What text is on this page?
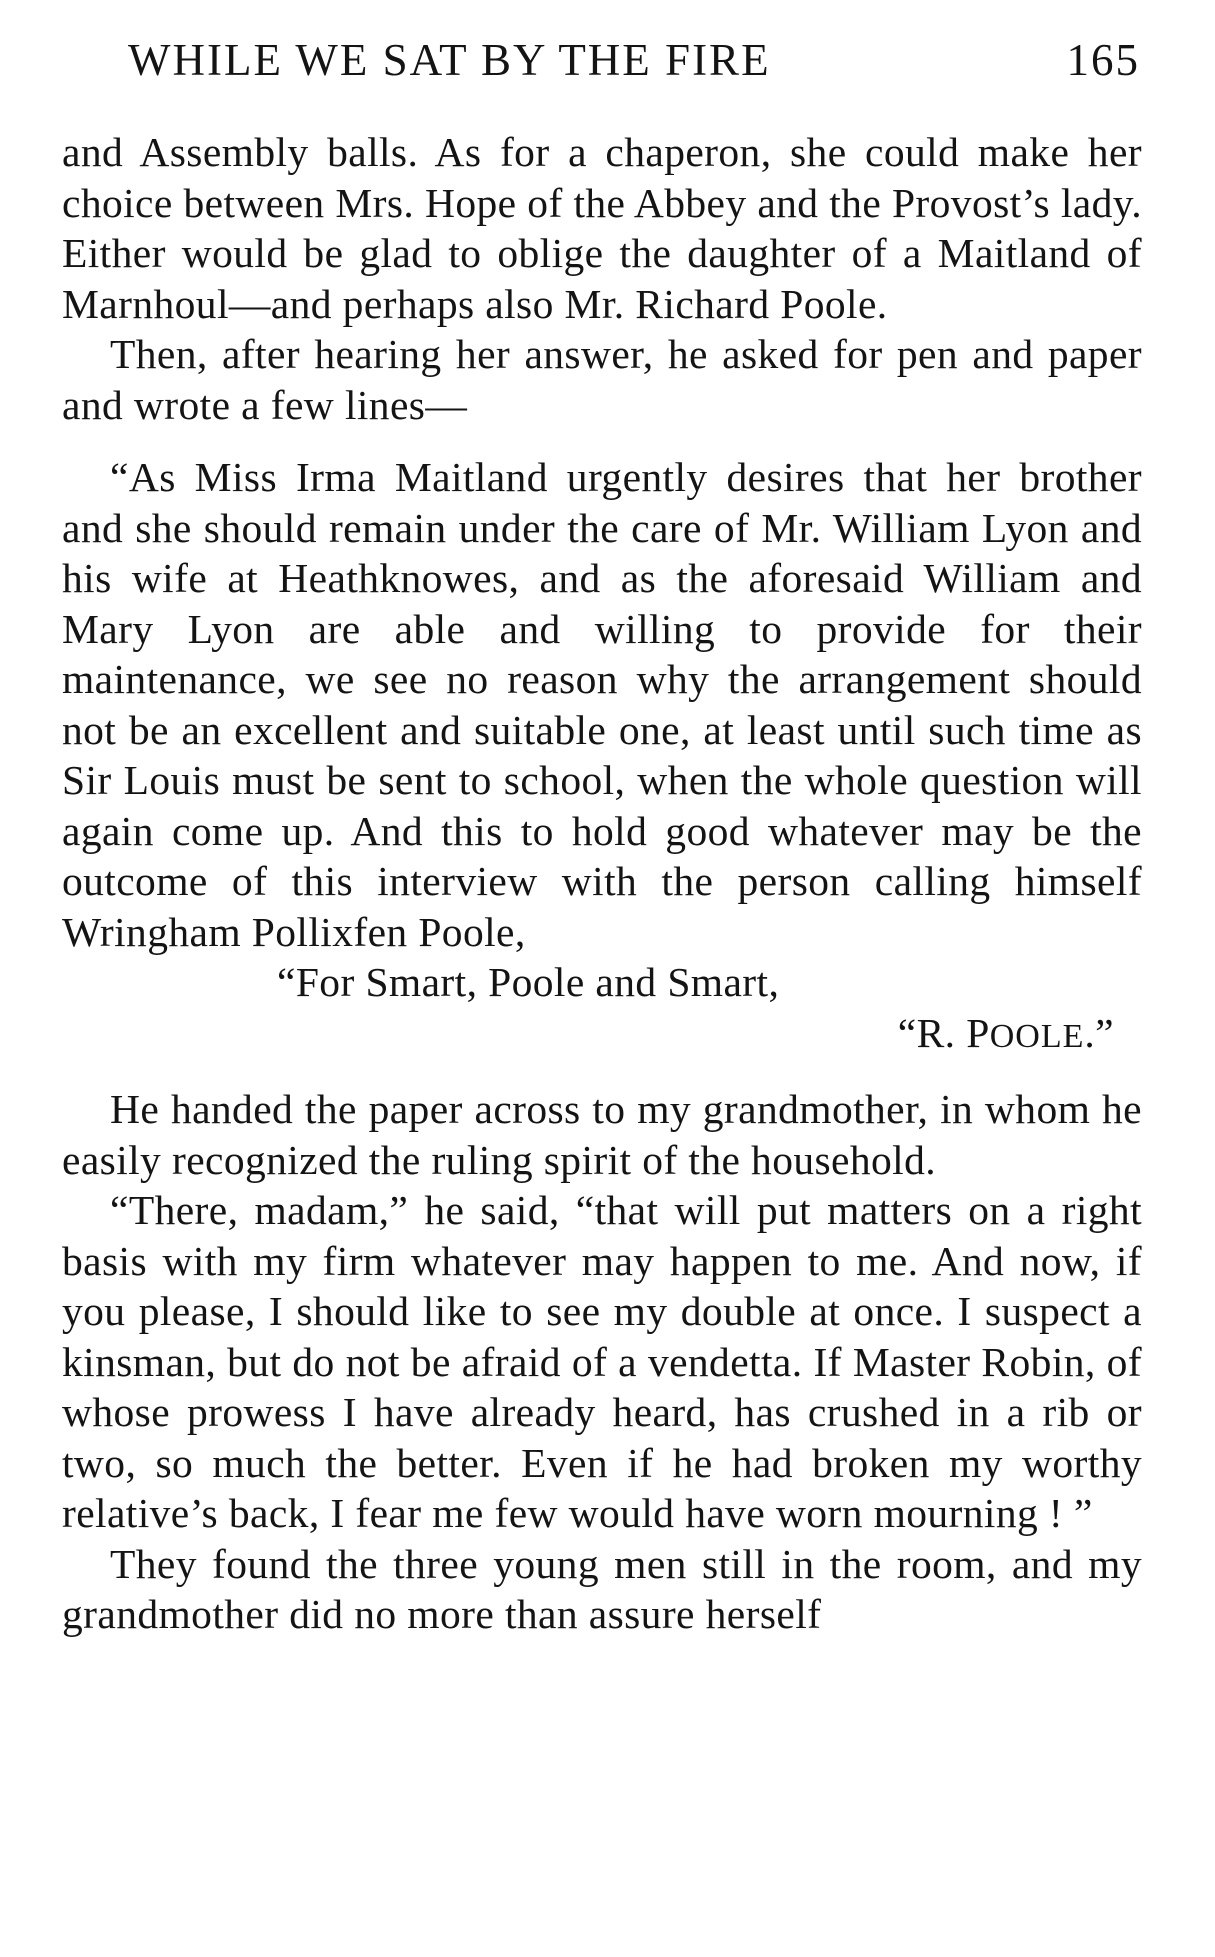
WHILE WE SAT BY THE FIRE	165

and Assembly balls. As for a chaperon, she could make her choice between Mrs. Hope of the Abbey and the Provost’s lady. Either would be glad to oblige the daughter of a Maitland of Marnhoul—and perhaps also Mr. Richard Poole.

Then, after hearing her answer, he asked for pen and paper and wrote a few lines—

“As Miss Irma Maitland urgently desires that her brother and she should remain under the care of Mr. William Lyon and his wife at Heathknowes, and as the aforesaid William and Mary Lyon are able and willing to provide for their maintenance, we see no reason why the arrangement should not be an excellent and suitable one, at least until such time as Sir Louis must be sent to school, when the whole question will again come up. And this to hold good whatever may be the outcome of this interview with the person calling himself Wringham Pollixfen Poole,

“For Smart, Poole and Smart,
“R. POOLE.”

He handed the paper across to my grandmother, in whom he easily recognized the ruling spirit of the household.

“There, madam,” he said, “that will put matters on a right basis with my firm whatever may happen to me. And now, if you please, I should like to see my double at once. I suspect a kinsman, but do not be afraid of a vendetta. If Master Robin, of whose prowess I have already heard, has crushed in a rib or two, so much the better. Even if he had broken my worthy relative’s back, I fear me few would have worn mourning ! ”

They found the three young men still in the room, and my grandmother did no more than assure herself
